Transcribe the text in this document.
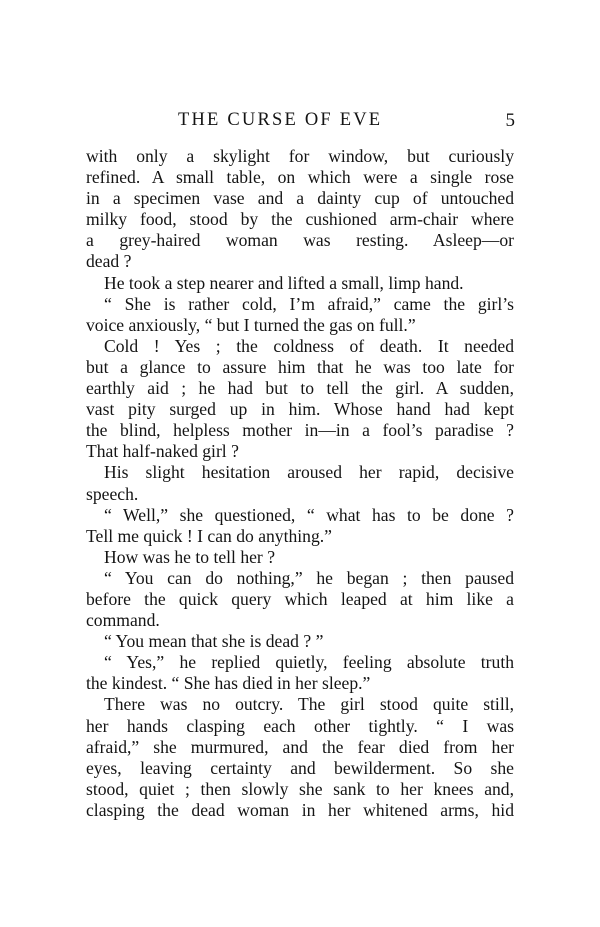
THE CURSE OF EVE	5
with only a skylight for window, but curiously
refined. A small table, on which were a single rose
in a specimen vase and a dainty cup of untouched
milky food, stood by the cushioned arm-chair where
a grey-haired woman was resting. Asleep—or
dead ?
He took a step nearer and lifted a small, limp hand.
“ She is rather cold, I’m afraid,” came the girl’s
voice anxiously, “ but I turned the gas on full.”
Cold ! Yes ; the coldness of death. It needed
but a glance to assure him that he was too late for
earthly aid ; he had but to tell the girl. A sudden,
vast pity surged up in him. Whose hand had kept
the blind, helpless mother in—in a fool’s paradise ?
That half-naked girl ?
His slight hesitation aroused her rapid, decisive
speech.
“ Well,” she questioned, “ what has to be done ?
Tell me quick ! I can do anything.”
How was he to tell her ?
“ You can do nothing,” he began ; then paused
before the quick query which leaped at him like a
command.
“ You mean that she is dead ? ”
“ Yes,” he replied quietly, feeling absolute truth
the kindest. “ She has died in her sleep.”
There was no outcry. The girl stood quite still,
her hands clasping each other tightly. “ I was
afraid,” she murmured, and the fear died from her
eyes, leaving certainty and bewilderment. So she
stood, quiet ; then slowly she sank to her knees and,
clasping the dead woman in her whitened arms, hid
